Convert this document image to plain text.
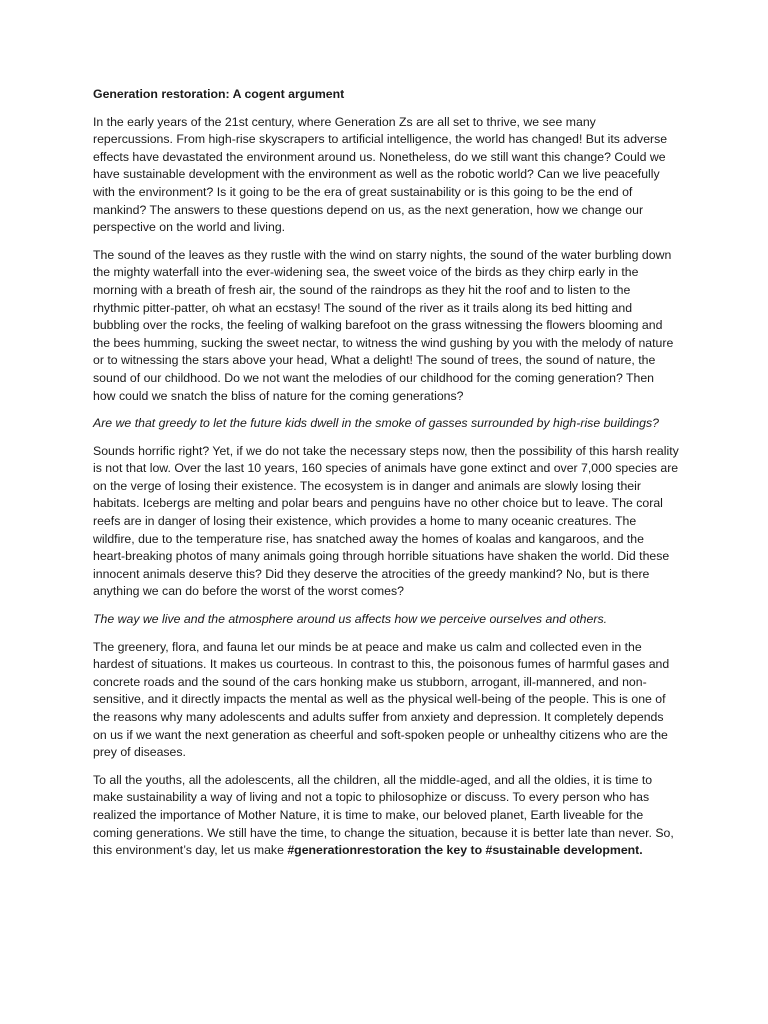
Generation restoration: A cogent argument

In the early years of the 21st century, where Generation Zs are all set to thrive, we see many repercussions. From high-rise skyscrapers to artificial intelligence, the world has changed! But its adverse effects have devastated the environment around us. Nonetheless, do we still want this change? Could we have sustainable development with the environment as well as the robotic world? Can we live peacefully with the environment? Is it going to be the era of great sustainability or is this going to be the end of mankind? The answers to these questions depend on us, as the next generation, how we change our perspective on the world and living.

The sound of the leaves as they rustle with the wind on starry nights, the sound of the water burbling down the mighty waterfall into the ever-widening sea, the sweet voice of the birds as they chirp early in the morning with a breath of fresh air, the sound of the raindrops as they hit the roof and to listen to the rhythmic pitter-patter, oh what an ecstasy! The sound of the river as it trails along its bed hitting and bubbling over the rocks, the feeling of walking barefoot on the grass witnessing the flowers blooming and the bees humming, sucking the sweet nectar, to witness the wind gushing by you with the melody of nature or to witnessing the stars above your head, What a delight! The sound of trees, the sound of nature, the sound of our childhood. Do we not want the melodies of our childhood for the coming generation? Then how could we snatch the bliss of nature for the coming generations?

Are we that greedy to let the future kids dwell in the smoke of gasses surrounded by high-rise buildings?

Sounds horrific right? Yet, if we do not take the necessary steps now, then the possibility of this harsh reality is not that low. Over the last 10 years, 160 species of animals have gone extinct and over 7,000 species are on the verge of losing their existence. The ecosystem is in danger and animals are slowly losing their habitats. Icebergs are melting and polar bears and penguins have no other choice but to leave. The coral reefs are in danger of losing their existence, which provides a home to many oceanic creatures. The wildfire, due to the temperature rise, has snatched away the homes of koalas and kangaroos, and the heart-breaking photos of many animals going through horrible situations have shaken the world. Did these innocent animals deserve this? Did they deserve the atrocities of the greedy mankind? No, but is there anything we can do before the worst of the worst comes?

The way we live and the atmosphere around us affects how we perceive ourselves and others.

The greenery, flora, and fauna let our minds be at peace and make us calm and collected even in the hardest of situations. It makes us courteous. In contrast to this, the poisonous fumes of harmful gases and concrete roads and the sound of the cars honking make us stubborn, arrogant, ill-mannered, and non-sensitive, and it directly impacts the mental as well as the physical well-being of the people. This is one of the reasons why many adolescents and adults suffer from anxiety and depression. It completely depends on us if we want the next generation as cheerful and soft-spoken people or unhealthy citizens who are the prey of diseases.

To all the youths, all the adolescents, all the children, all the middle-aged, and all the oldies, it is time to make sustainability a way of living and not a topic to philosophize or discuss. To every person who has realized the importance of Mother Nature, it is time to make, our beloved planet, Earth liveable for the coming generations. We still have the time, to change the situation, because it is better late than never. So, this environment’s day, let us make #generationrestoration the key to #sustainable development.
